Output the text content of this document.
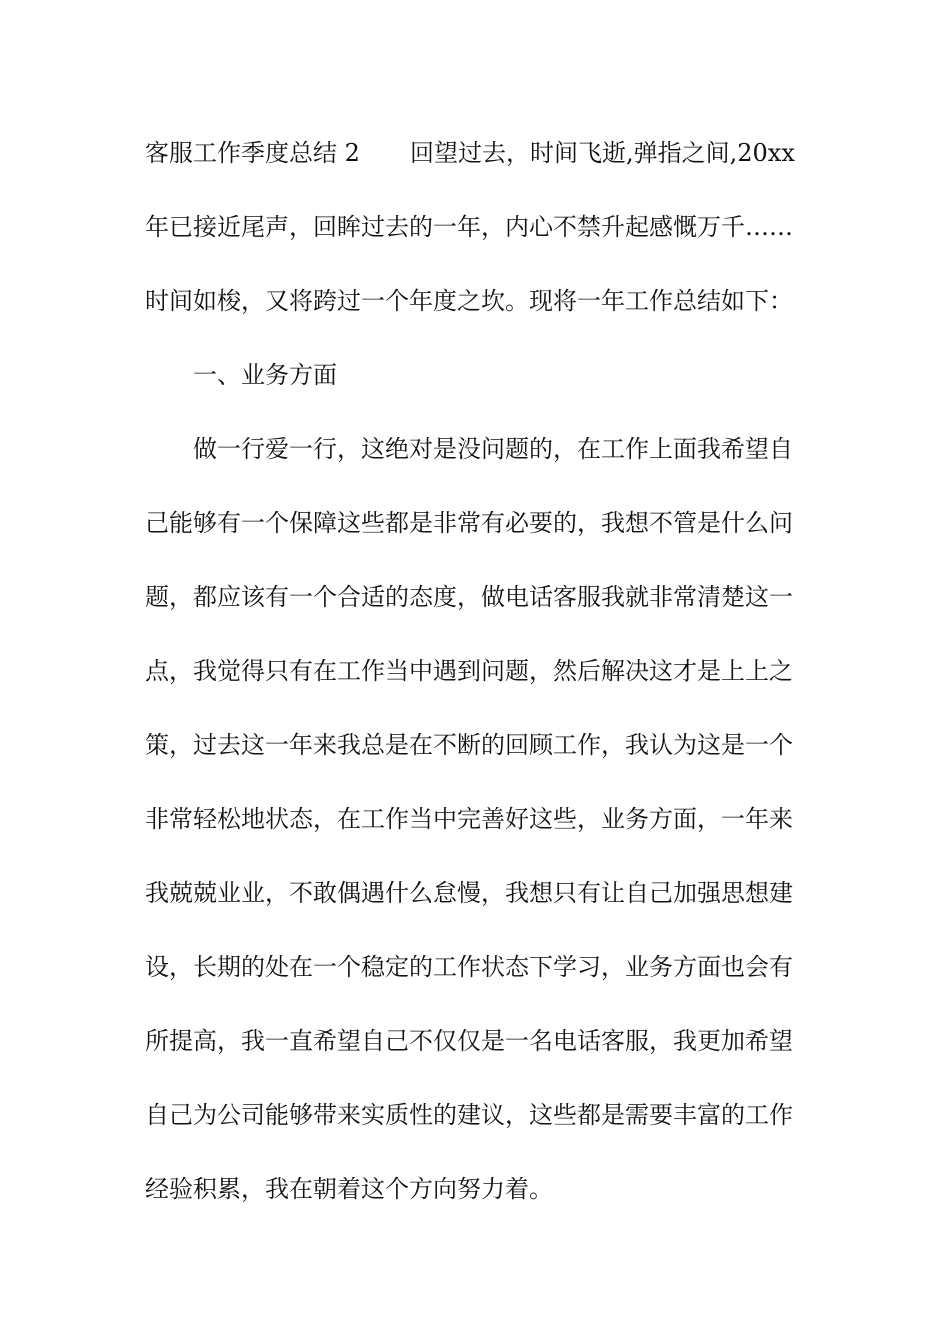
客服工作季度总结 2 回望过去，时间飞逝,弹指之间,20xx
年已接近尾声，回眸过去的一年，内心不禁升起感慨万千……
时间如梭，又将跨过一个年度之坎。现将一年工作总结如下：
一、业务方面
做一行爱一行，这绝对是没问题的，在工作上面我希望自
己能够有一个保障这些都是非常有必要的，我想不管是什么问
题，都应该有一个合适的态度，做电话客服我就非常清楚这一
点，我觉得只有在工作当中遇到问题，然后解决这才是上上之
策，过去这一年来我总是在不断的回顾工作，我认为这是一个
非常轻松地状态，在工作当中完善好这些，业务方面，一年来
我兢兢业业，不敢偶遇什么怠慢，我想只有让自己加强思想建
设，长期的处在一个稳定的工作状态下学习，业务方面也会有
所提高，我一直希望自己不仅仅是一名电话客服，我更加希望
自己为公司能够带来实质性的建议，这些都是需要丰富的工作
经验积累，我在朝着这个方向努力着。
